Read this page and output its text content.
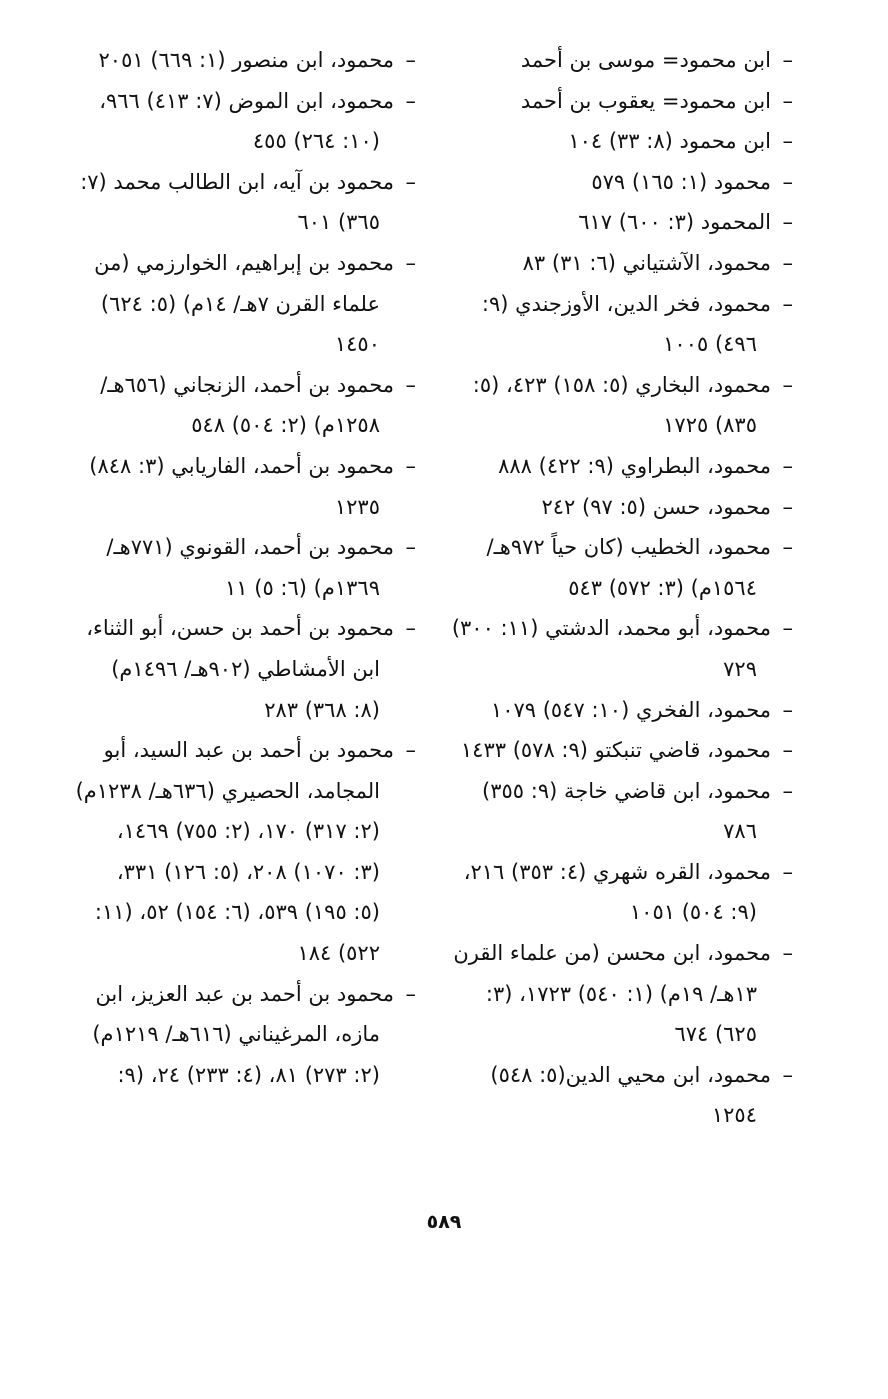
–
ابن محمود= موسى بن أحمد
–
ابن محمود= يعقوب بن أحمد
–
ابن محمود (٨: ٣٣) ١٠٤
–
محمود (١: ١٦٥) ٥٧٩
–
المحمود (٣: ٦٠٠) ٦١٧
–
محمود، الآشتياني (٦: ٣١) ٨٣
–
محمود، فخر الدين، الأوزجندي (٩:
٤٩٦) ١٠٠٥
–
محمود، البخاري (٥: ١٥٨) ٤٢٣، (٥:
٨٣٥) ١٧٢٥
–
محمود، البطراوي (٩: ٤٢٢) ٨٨٨
–
محمود، حسن (٥: ٩٧) ٢٤٢
–
محمود، الخطيب (كان حياً ٩٧٢هـ/
١٥٦٤م) (٣: ٥٧٢) ٥٤٣
–
محمود، أبو محمد، الدشتي (١١: ٣٠٠)
٧٢٩
–
محمود، الفخري (١٠: ٥٤٧) ١٠٧٩
–
محمود، قاضي تنبكتو (٩: ٥٧٨) ١٤٣٣
–
محمود، ابن قاضي خاجة (٩: ٣٥٥)
٧٨٦
–
محمود، القره شهري (٤: ٣٥٣) ٢١٦،
(٩: ٥٠٤) ١٠٥١
–
محمود، ابن محسن (من علماء القرن
١٣هـ/ ١٩م) (١: ٥٤٠) ١٧٢٣، (٣:
٦٢٥) ٦٧٤
–
محمود، ابن محيي الدين(٥: ٥٤٨)
١٢٥٤
–
محمود، ابن منصور (١: ٦٦٩) ٢٠٥١
–
محمود، ابن الموض (٧: ٤١٣) ٩٦٦،
(١٠: ٢٦٤) ٤٥٥
–
محمود بن آيه، ابن الطالب محمد (٧:
٣٦٥) ٦٠١
–
محمود بن إبراهيم، الخوارزمي (من
علماء القرن ٧هـ/ ١٤م) (٥: ٦٢٤)
١٤٥٠
–
محمود بن أحمد، الزنجاني (٦٥٦هـ/
١٢٥٨م) (٢: ٥٠٤) ٥٤٨
–
محمود بن أحمد، الفاريابي (٣: ٨٤٨)
١٢٣٥
–
محمود بن أحمد، القونوي (٧٧١هـ/
١٣٦٩م) (٦: ٥) ١١
–
محمود بن أحمد بن حسن، أبو الثناء،
ابن الأمشاطي (٩٠٢هـ/ ١٤٩٦م)
(٨: ٣٦٨) ٢٨٣
–
محمود بن أحمد بن عبد السيد، أبو
المجامد، الحصيري (٦٣٦هـ/ ١٢٣٨م)
(٢: ٣١٧) ١٧٠، (٢: ٧٥٥) ١٤٦٩،
(٣: ١٠٧٠) ٢٠٨، (٥: ١٢٦) ٣٣١،
(٥: ١٩٥) ٥٣٩، (٦: ١٥٤) ٥٢، (١١:
٥٢٢) ١٨٤
–
محمود بن أحمد بن عبد العزيز، ابن
مازه، المرغيناني (٦١٦هـ/ ١٢١٩م)
(٢: ٢٧٣) ٨١، (٤: ٢٣٣) ٢٤، (٩:
٥٨٩
